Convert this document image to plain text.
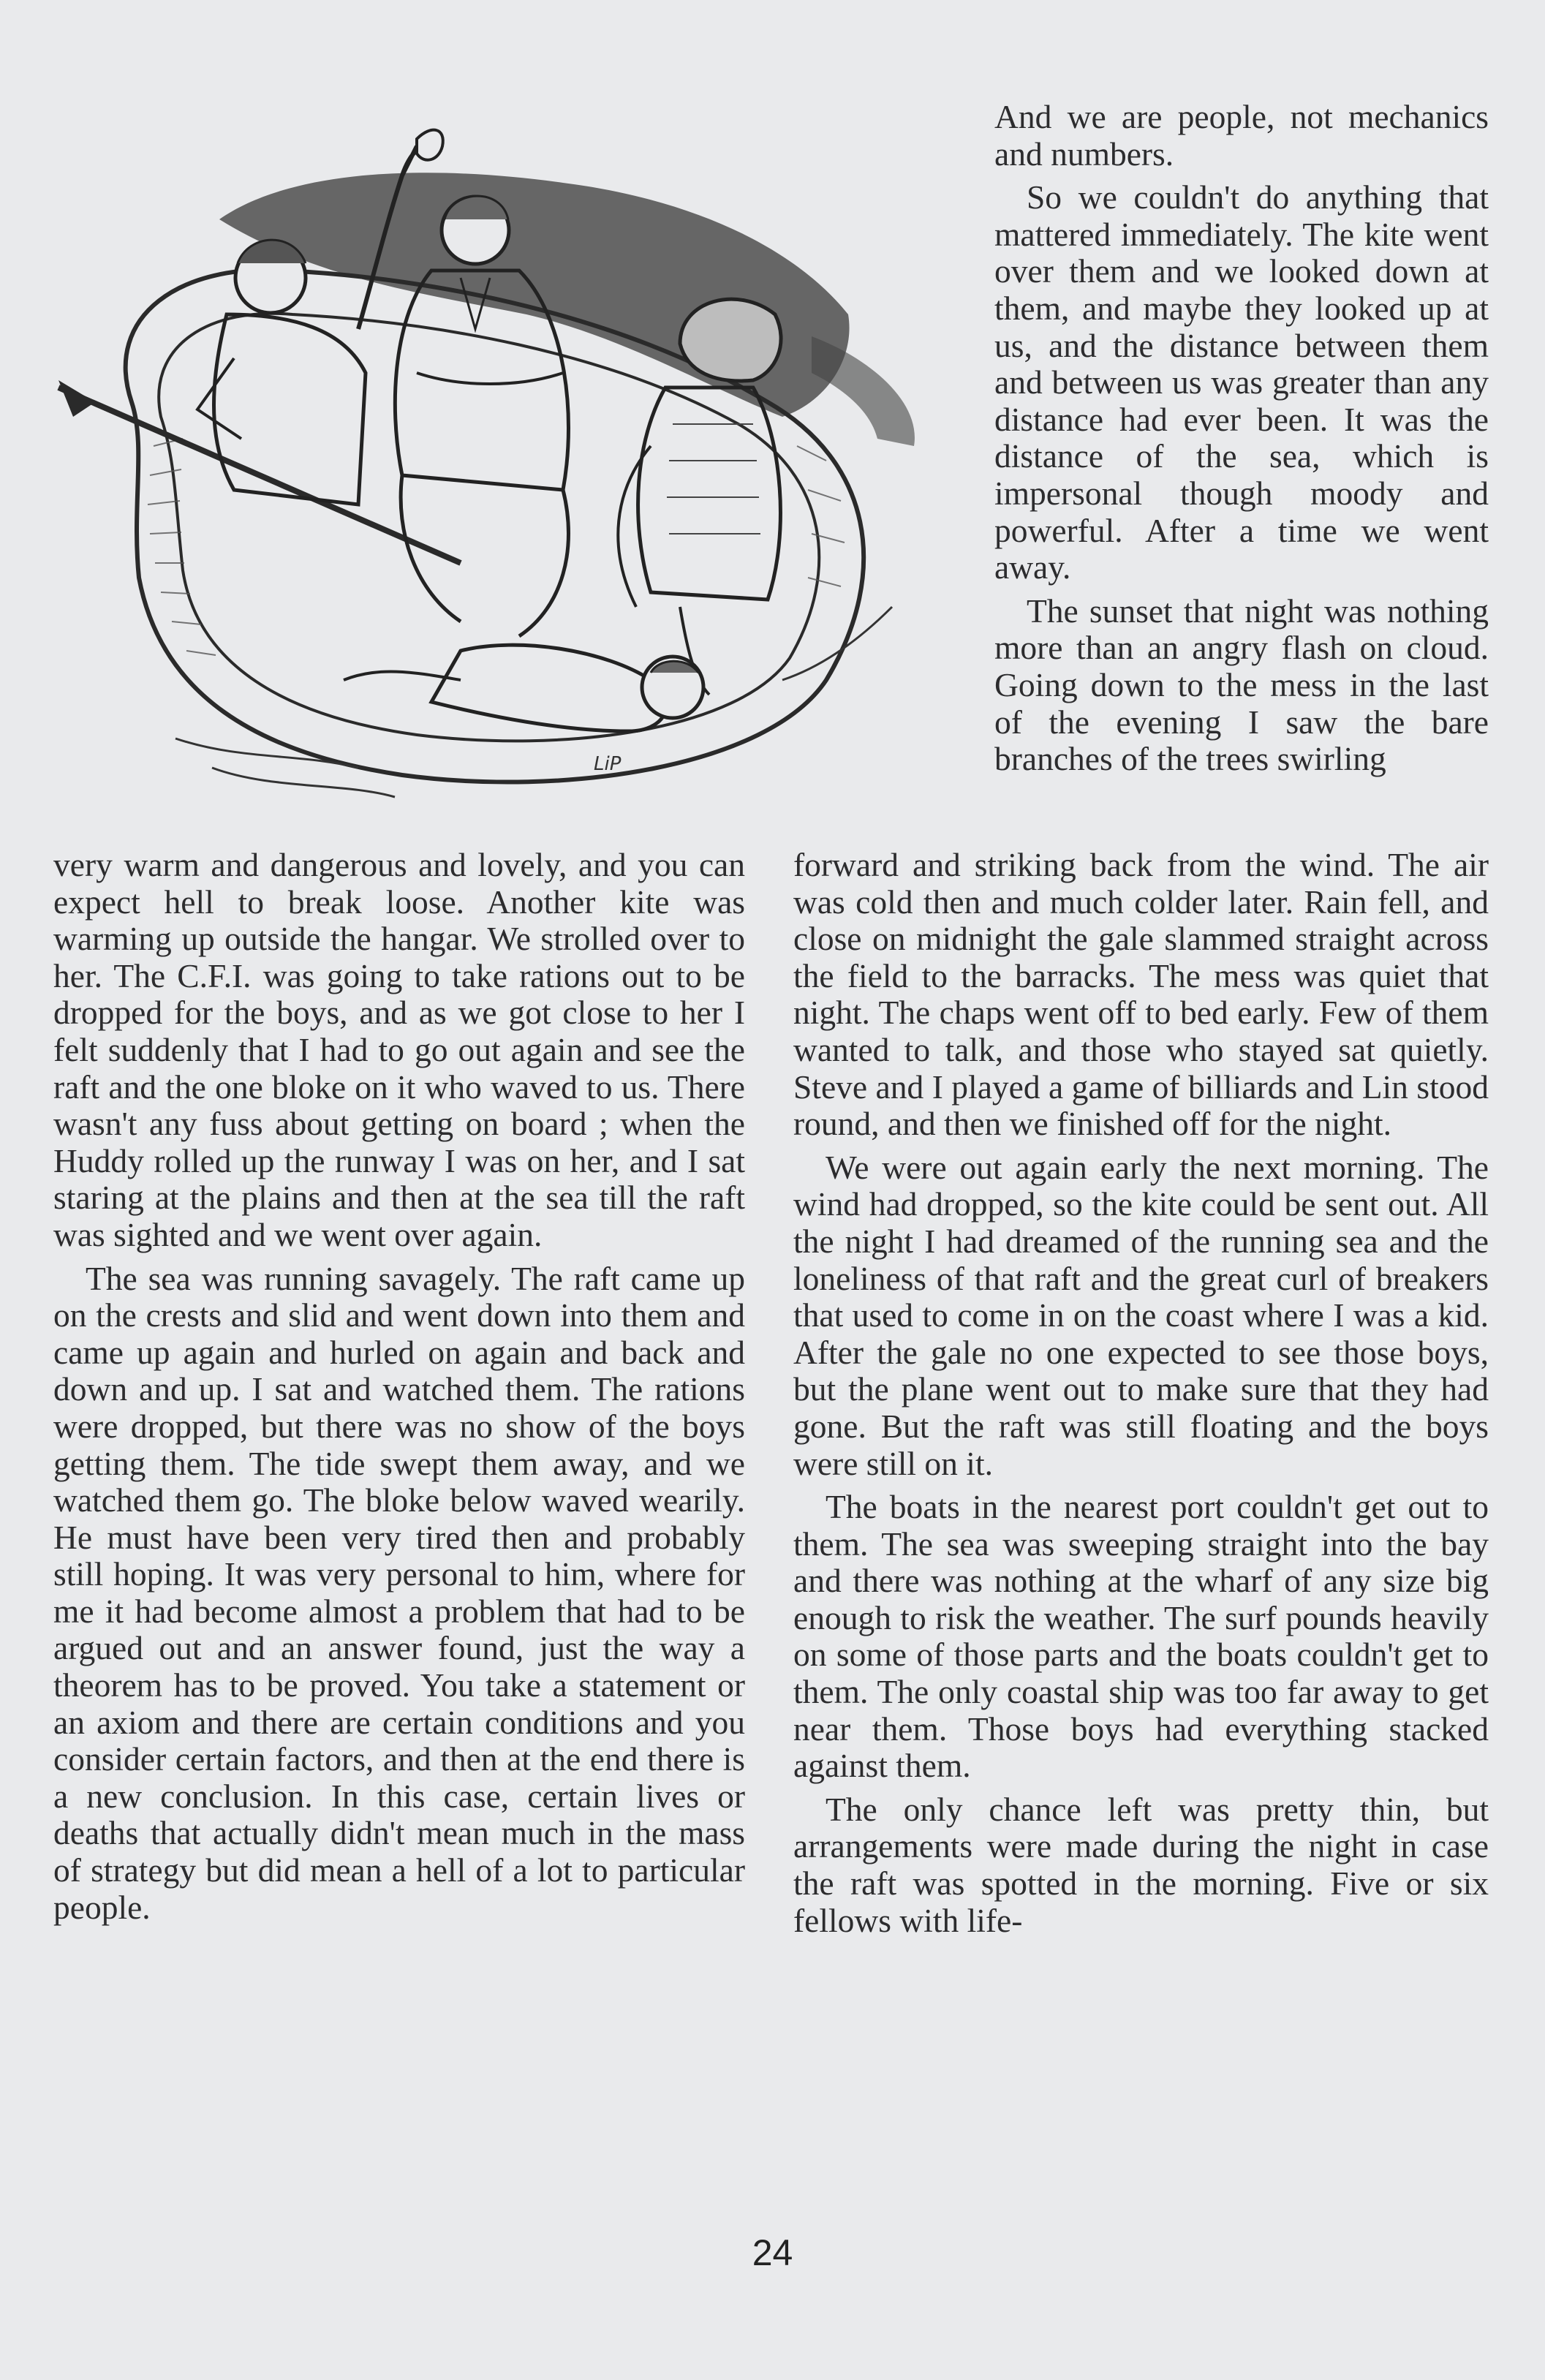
LiP

And we are people, not mechanics and numbers.

So we couldn't do anything that mattered immediately. The kite went over them and we looked down at them, and maybe they looked up at us, and the distance between them and between us was greater than any distance had ever been. It was the distance of the sea, which is impersonal though moody and powerful. After a time we went away.

The sunset that night was nothing more than an angry flash on cloud. Going down to the mess in the last of the evening I saw the bare branches of the trees swirling

very warm and dangerous and lovely, and you can expect hell to break loose. Another kite was warming up outside the hangar. We strolled over to her. The C.F.I. was going to take rations out to be dropped for the boys, and as we got close to her I felt suddenly that I had to go out again and see the raft and the one bloke on it who waved to us. There wasn't any fuss about getting on board ; when the Huddy rolled up the runway I was on her, and I sat staring at the plains and then at the sea till the raft was sighted and we went over again.

The sea was running savagely. The raft came up on the crests and slid and went down into them and came up again and hurled on again and back and down and up. I sat and watched them. The rations were dropped, but there was no show of the boys getting them. The tide swept them away, and we watched them go. The bloke below waved wearily. He must have been very tired then and probably still hoping. It was very personal to him, where for me it had become almost a problem that had to be argued out and an answer found, just the way a theorem has to be proved. You take a statement or an axiom and there are certain conditions and you consider certain factors, and then at the end there is a new conclusion. In this case, certain lives or deaths that actually didn't mean much in the mass of strategy but did mean a hell of a lot to particular people.

forward and striking back from the wind. The air was cold then and much colder later. Rain fell, and close on midnight the gale slammed straight across the field to the barracks. The mess was quiet that night. The chaps went off to bed early. Few of them wanted to talk, and those who stayed sat quietly. Steve and I played a game of billiards and Lin stood round, and then we finished off for the night.

We were out again early the next morning. The wind had dropped, so the kite could be sent out. All the night I had dreamed of the running sea and the loneliness of that raft and the great curl of breakers that used to come in on the coast where I was a kid. After the gale no one expected to see those boys, but the plane went out to make sure that they had gone. But the raft was still floating and the boys were still on it.

The boats in the nearest port couldn't get out to them. The sea was sweeping straight into the bay and there was nothing at the wharf of any size big enough to risk the weather. The surf pounds heavily on some of those parts and the boats couldn't get to them. The only coastal ship was too far away to get near them. Those boys had everything stacked against them.

The only chance left was pretty thin, but arrangements were made during the night in case the raft was spotted in the morning. Five or six fellows with life-

24
